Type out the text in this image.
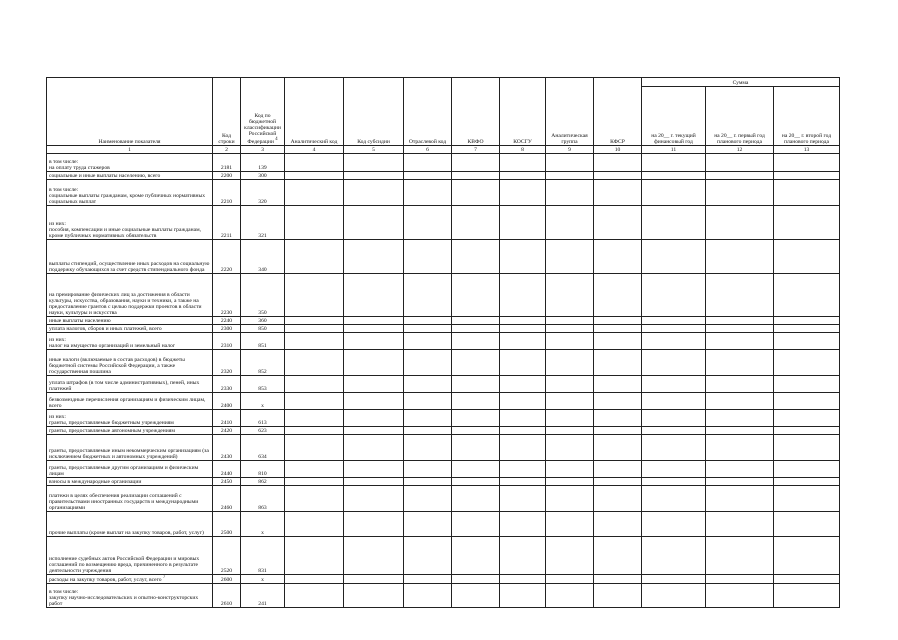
Наименование показателя	Код строки	Код по бюджетной классификации Российской Федерации $^4$	Аналитический код	Код субсидии	Отраслевой код	КВФО	КОСГУ	Аналитическая группа	КФСР	Сумма		
										на 20__ г. текущий финансовый год	на 20__ г. первый год планового периода	на 20__ г. второй год планового периода
1	2	3	4	5	6	7	8	9	10	11	12	13
в том числе:
на оплату труда стажеров	2181	139										
социальные и иные выплаты населению, всего	2200	300										
в том числе:
социальные выплаты гражданам, кроме публичных нормативных социальных выплат	2210	320										
из них:
пособия, компенсации и иные социальные выплаты гражданам, кроме публичных нормативных обязательств	2211	321										
выплаты стипендий, осуществление иных расходов на социальную поддержку обучающихся за счет средств стипендиального фонда	2220	340										
на премирование физических лиц за достижения в области культуры, искусства, образования, науки и техники, а также на предоставление грантов с целью поддержки проектов в области науки, культуры и искусства	2230	350										
иные выплаты населению	2240	360										
уплата налогов, сборов и иных платежей, всего	2300	850										
из них:
налог на имущество организаций и земельный налог	2310	851										
иные налоги (включаемые в состав расходов) в бюджеты бюджетной системы Российской Федерации, а также государственная пошлина	2320	852										
уплата штрафов (в том числе административных), пеней, иных платежей	2330	853										
безвозмездные перечисления организациям и физическим лицам, всего	2400	x										
из них:
гранты, предоставляемые бюджетным учреждениям	2410	613										
гранты, предоставляемые автономным учреждениям	2420	623										
гранты, предоставляемые иным некоммерческим организациям (за исключением бюджетных и автономных учреждений)	2430	634										
гранты, предоставляемые другим организациям и физическим лицам	2440	810										
взносы в международные организации	2450	862										
платежи в целях обеспечения реализации соглашений с правительствами иностранных государств и международными организациями	2460	863										
прочие выплаты (кроме выплат на закупку товаров, работ, услуг)	2500	x										
исполнение судебных актов Российской Федерации и мировых соглашений по возмещению вреда, причиненного в результате деятельности учреждения	2520	831										
расходы на закупку товаров, работ, услуг, всего $^7$	2600	x										
в том числе:
закупку научно-исследовательских и опытно-конструкторских работ	2610	241										
